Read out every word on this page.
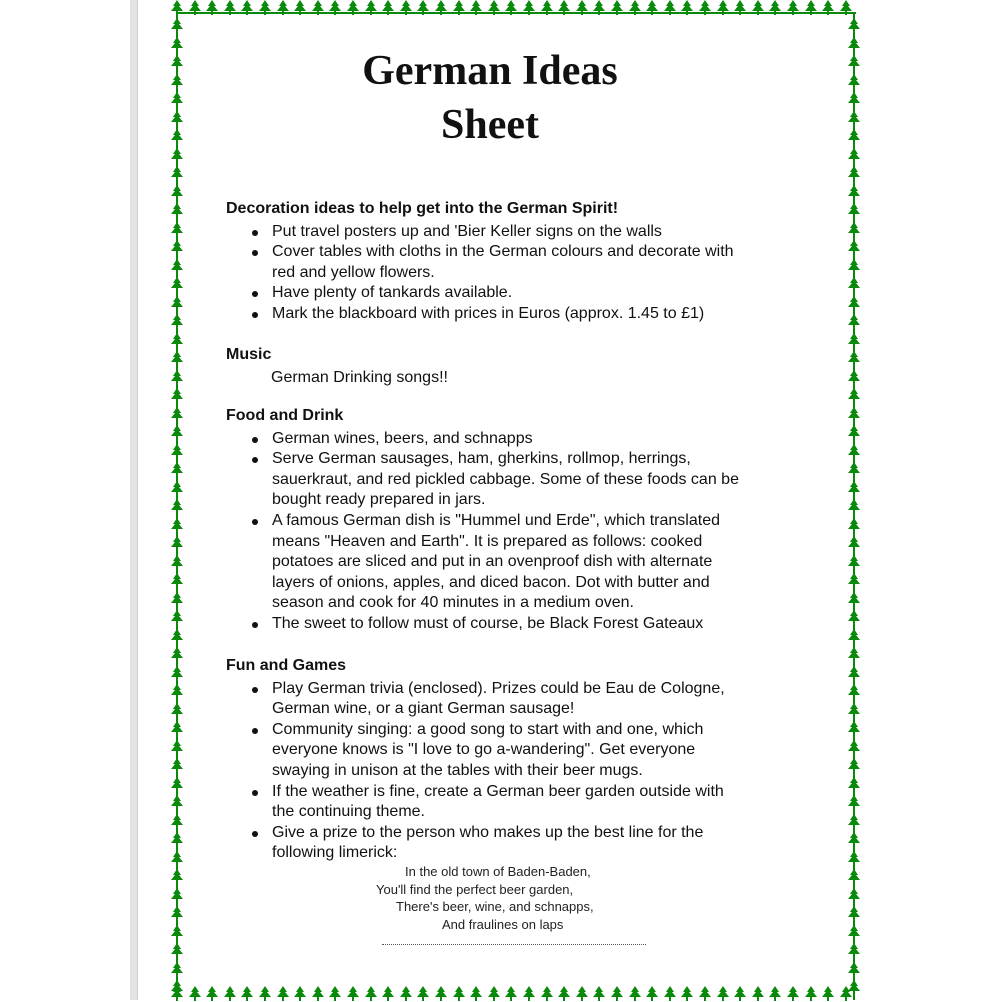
German Ideas
Sheet
Decoration ideas to help get into the German Spirit!
Put travel posters up and 'Bier Keller signs on the walls
Cover tables with cloths in the German colours and decorate with
red and yellow flowers.
Have plenty of tankards available.
Mark the blackboard with prices in Euros (approx. 1.45 to £1)
Music
German Drinking songs!!
Food and Drink
German wines, beers, and schnapps
Serve German sausages, ham, gherkins, rollmop, herrings,
sauerkraut, and red pickled cabbage. Some of these foods can be
bought ready prepared in jars.
A famous German dish is "Hummel und Erde", which translated
means "Heaven and Earth". It is prepared as follows: cooked
potatoes are sliced and put in an ovenproof dish with alternate
layers of onions, apples, and diced bacon. Dot with butter and
season and cook for 40 minutes in a medium oven.
The sweet to follow must of course, be Black Forest Gateaux
Fun and Games
Play German trivia (enclosed). Prizes could be Eau de Cologne,
German wine, or a giant German sausage!
Community singing: a good song to start with and one, which
everyone knows is "I love to go a-wandering". Get everyone
swaying in unison at the tables with their beer mugs.
If the weather is fine, create a German beer garden outside with
the continuing theme.
Give a prize to the person who makes up the best line for the
following limerick:
In the old town of Baden-Baden,
You'll find the perfect beer garden,
There's beer, wine, and schnapps,
And fraulines on laps
